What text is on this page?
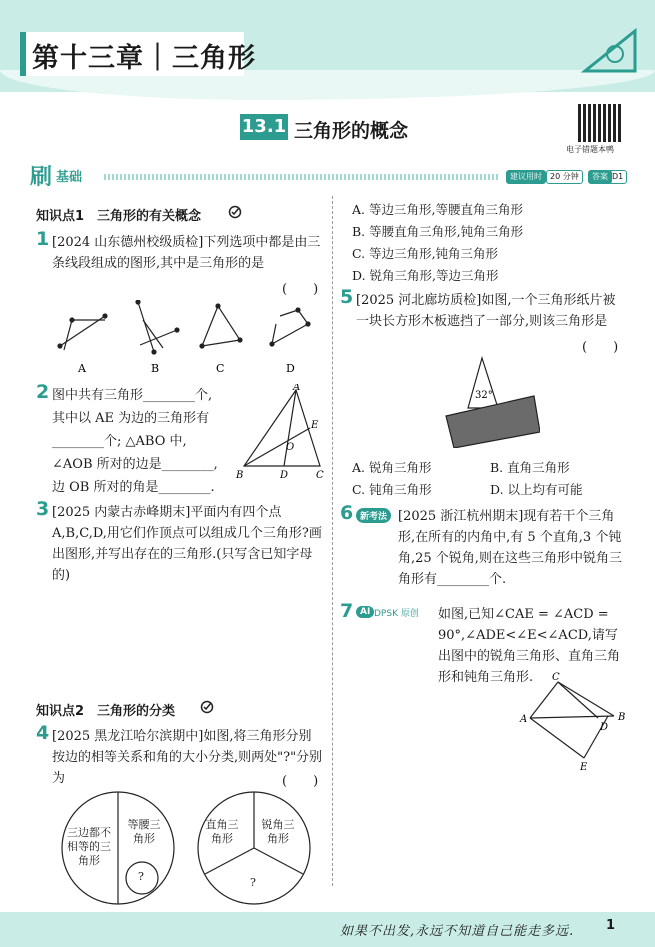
第十三章｜三角形
13.1 三角形的概念
电子错题本鸭
刷 基础	建议用时	20 分钟	答案 D1
知识点1　三角形的有关概念
1 [2024 山东德州校级质检]下列选项中都是由三条线段组成的图形,其中是三角形的是
(　　)
A	B	C	D
2 图中共有三角形________个,
其中以 AE 为边的三角形有
________个; △ABO 中,
∠AOB 所对的边是________,
边 OB 所对的角是________.
A
B	C
D
E
O
3 [2025 内蒙古赤峰期末]平面内有四个点 A,B,C,D,用它们作顶点可以组成几个三角形?画出图形,并写出存在的三角形.(只写含已知字母的)
知识点2　三角形的分类
4 [2025 黑龙江哈尔滨期中]如图,将三角形分别按边的相等关系和角的大小分类,则两处"?"分别为	(　　)
三边都不相等的三角形
等腰三角形
?
直角三角形
锐角三角形
?
A. 等边三角形,等腰直角三角形
B. 等腰直角三角形,钝角三角形
C. 等边三角形,钝角三角形
D. 锐角三角形,等边三角形
5 [2025 河北廊坊质检]如图,一个三角形纸片被一块长方形木板遮挡了一部分,则该三角形是
(　　)
32°
A. 锐角三角形	B. 直角三角形
C. 钝角三角形	D. 以上均有可能
6 新考法 [2025 浙江杭州期末]现有若干个三角形,在所有的内角中,有 5 个直角,3 个钝角,25 个锐角,则在这些三角形中锐角三角形有________个.
7 AI DPSK 原创 如图,已知∠CAE = ∠ACD = 90°,∠ADE<∠E<∠ACD,请写出图中的锐角三角形、直角三角形和钝角三角形.
A	B
C
D
E
如果不出发,永远不知道自己能走多远. 1
